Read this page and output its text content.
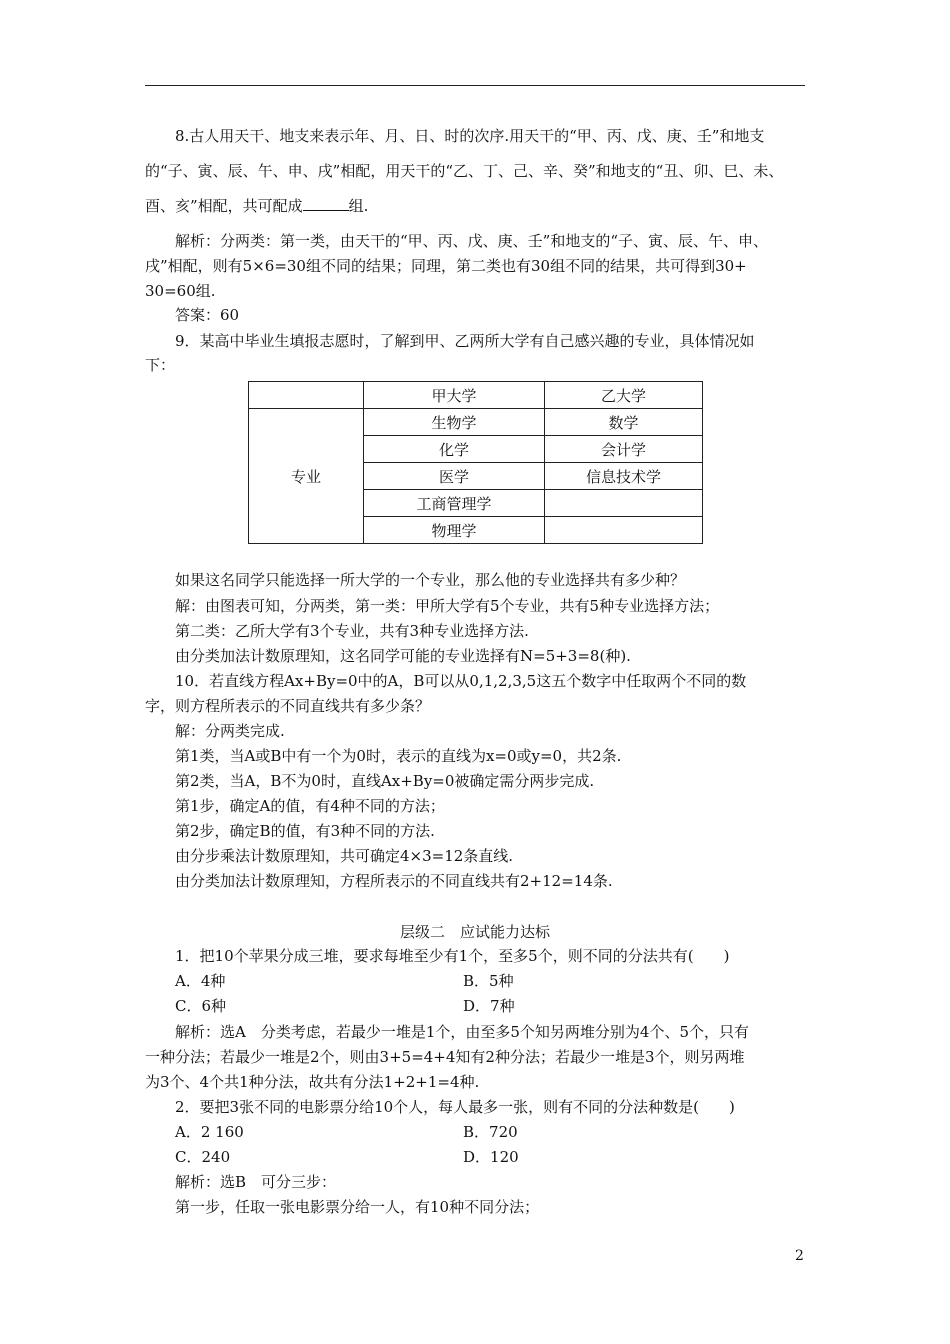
8.古人用天干、地支来表示年、月、日、时的次序.用天干的“甲、丙、戊、庚、壬”和地支
的“子、寅、辰、午、申、戌”相配，用天干的“乙、丁、己、辛、癸”和地支的“丑、卯、巳、未、
酉、亥”相配，共可配成	组.
解析：分两类：第一类，由天干的“甲、丙、戊、庚、壬”和地支的“子、寅、辰、午、申、
戌”相配，则有5×6=30组不同的结果；同理，第二类也有30组不同的结果，共可得到30+
30=60组.
答案：60
9．某高中毕业生填报志愿时，了解到甲、乙两所大学有自己感兴趣的专业，具体情况如
下：
	甲大学	乙大学
专业	生物学	数学
	化学	会计学
	医学	信息技术学
	工商管理学	
	物理学	
如果这名同学只能选择一所大学的一个专业，那么他的专业选择共有多少种？
解：由图表可知，分两类，第一类：甲所大学有5个专业，共有5种专业选择方法；
第二类：乙所大学有3个专业，共有3种专业选择方法.
由分类加法计数原理知，这名同学可能的专业选择有N=5+3=8(种).
10．若直线方程Ax+By=0中的A，B可以从0,1,2,3,5这五个数字中任取两个不同的数
字，则方程所表示的不同直线共有多少条？
解：分两类完成.
第1类，当A或B中有一个为0时，表示的直线为x=0或y=0，共2条.
第2类，当A，B不为0时，直线Ax+By=0被确定需分两步完成.
第1步，确定A的值，有4种不同的方法；
第2步，确定B的值，有3种不同的方法.
由分步乘法计数原理知，共可确定4×3=12条直线.
由分类加法计数原理知，方程所表示的不同直线共有2+12=14条.
层级二　应试能力达标
1．把10个苹果分成三堆，要求每堆至少有1个，至多5个，则不同的分法共有(　　)
A．4种	B．5种
C．6种	D．7种
解析：选A　分类考虑，若最少一堆是1个，由至多5个知另两堆分别为4个、5个，只有
一种分法；若最少一堆是2个，则由3+5=4+4知有2种分法；若最少一堆是3个，则另两堆
为3个、4个共1种分法，故共有分法1+2+1=4种.
2．要把3张不同的电影票分给10个人，每人最多一张，则有不同的分法种数是(　　)
A．2 160	B．720
C．240	D．120
解析：选B　可分三步：
第一步，任取一张电影票分给一人，有10种不同分法；
2
